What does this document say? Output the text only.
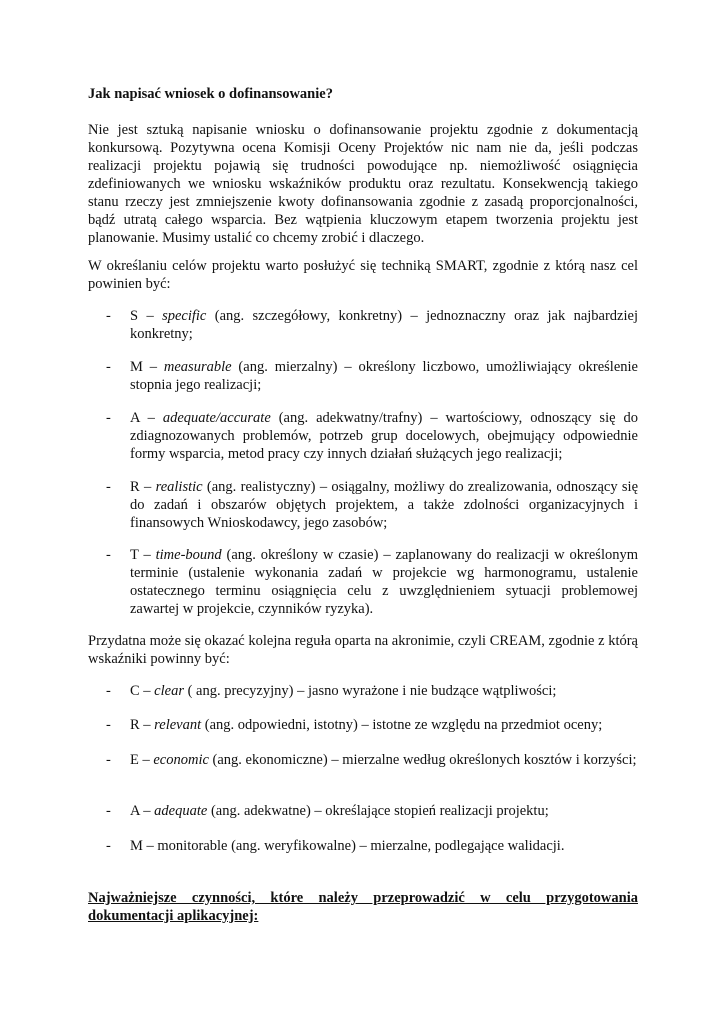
Jak napisać wniosek o dofinansowanie?

Nie jest sztuką napisanie wniosku o dofinansowanie projektu zgodnie z dokumentacją konkursową. Pozytywna ocena Komisji Oceny Projektów nic nam nie da, jeśli podczas realizacji projektu pojawią się trudności powodujące np. niemożliwość osiągnięcia zdefiniowanych we wniosku wskaźników produktu oraz rezultatu. Konsekwencją takiego stanu rzeczy jest zmniejszenie kwoty dofinansowania zgodnie z zasadą proporcjonalności, bądź utratą całego wsparcia. Bez wątpienia kluczowym etapem tworzenia projektu jest planowanie. Musimy ustalić co chcemy zrobić i dlaczego.

W określaniu celów projektu warto posłużyć się techniką SMART, zgodnie z którą nasz cel powinien być:

- S – specific (ang. szczegółowy, konkretny) – jednoznaczny oraz jak najbardziej konkretny;
- M – measurable (ang. mierzalny) – określony liczbowo, umożliwiający określenie stopnia jego realizacji;
- A – adequate/accurate (ang. adekwatny/trafny) – wartościowy, odnoszący się do zdiagnozowanych problemów, potrzeb grup docelowych, obejmujący odpowiednie formy wsparcia, metod pracy czy innych działań służących jego realizacji;
- R – realistic (ang. realistyczny) – osiągalny, możliwy do zrealizowania, odnoszący się do zadań i obszarów objętych projektem, a także zdolności organizacyjnych i finansowych Wnioskodawcy, jego zasobów;
- T – time-bound (ang. określony w czasie) – zaplanowany do realizacji w określonym terminie (ustalenie wykonania zadań w projekcie wg harmonogramu, ustalenie ostatecznego terminu osiągnięcia celu z uwzględnieniem sytuacji problemowej zawartej w projekcie, czynników ryzyka).

Przydatna może się okazać kolejna reguła oparta na akronimie, czyli CREAM, zgodnie z którą wskaźniki powinny być:

- C – clear ( ang. precyzyjny) – jasno wyrażone i nie budzące wątpliwości;
- R – relevant (ang. odpowiedni, istotny) – istotne ze względu na przedmiot oceny;
- E – economic (ang. ekonomiczne) – mierzalne według określonych kosztów i korzyści;
- A – adequate (ang. adekwatne) – określające stopień realizacji projektu;
- M – monitorable (ang. weryfikowalne) – mierzalne, podlegające walidacji.
Najważniejsze czynności, które należy przeprowadzić w celu przygotowania dokumentacji aplikacyjnej:
